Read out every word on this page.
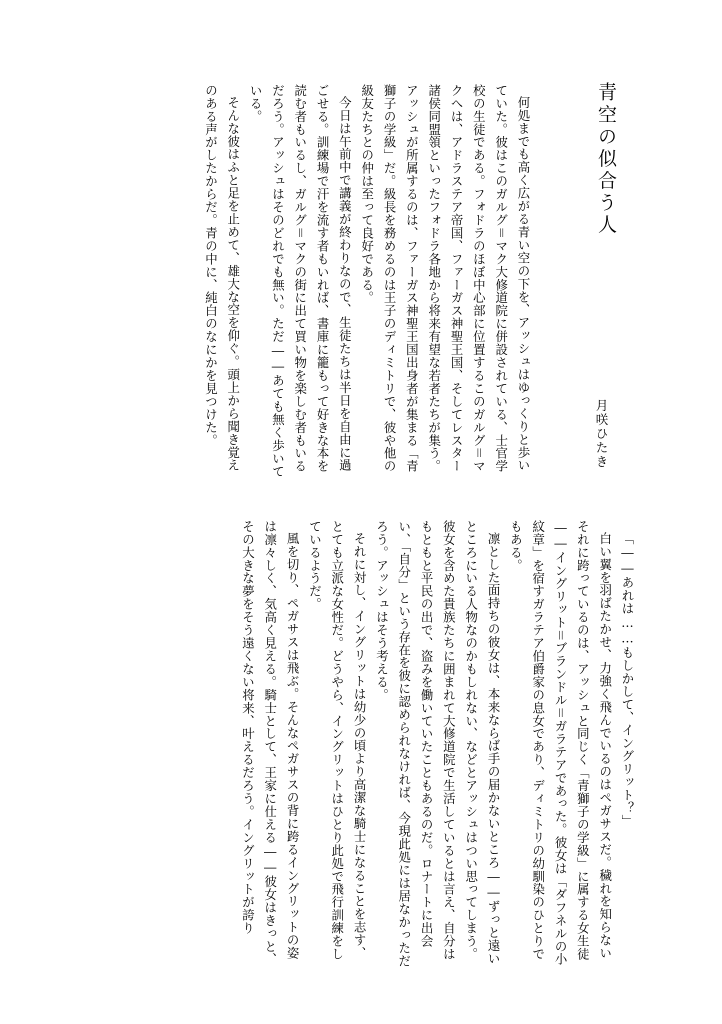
青空の似合う人
月咲ひたき

何処までも高く広がる青い空の下を、アッシュはゆっくりと歩いていた。彼はこのガルグ＝マク大修道院に併設されている、士官学校の生徒である。フォドラのほぼ中心部に位置するこのガルグ＝マクへは、アドラステア帝国、ファーガス神聖王国、そしてレスター諸侯同盟領といったフォドラ各地から将来有望な若者たちが集う。アッシュが所属するのは、ファーガス神聖王国出身者が集まる「青獅子の学級」だ。級長を務めるのは王子のディミトリで、彼や他の級友たちとの仲は至って良好である。

今日は午前中で講義が終わりなので、生徒たちは半日を自由に過ごせる。訓練場で汗を流す者もいれば、書庫に籠もって好きな本を読む者もいるし、ガルグ＝マクの街に出て買い物を楽しむ者もいるだろう。アッシュはそのどれでも無い。ただ――あても無く歩いている。

そんな彼はふと足を止めて、雄大な空を仰ぐ。頭上から聞き覚えのある声がしたからだ。青の中に、純白のなにかを見つけた。

「――あれは……もしかして、イングリット？」

白い翼を羽ばたかせ、力強く飛んでいるのはペガサスだ。穢れを知らないそれに跨っているのは、アッシュと同じく「青獅子の学級」に属する女生徒――イングリット＝ブランドル＝ガラテアであった。彼女は「ダフネルの小紋章」を宿すガラテア伯爵家の息女であり、ディミトリの幼馴染のひとりでもある。

凛とした面持ちの彼女は、本来ならば手の届かないところ――ずっと遠いところにいる人物なのかもしれない、などとアッシュはつい思ってしまう。彼女を含めた貴族たちに囲まれて大修道院で生活しているとは言え、自分はもともと平民の出で、盗みを働いていたこともあるのだ。ロナートに出会い、「自分」という存在を彼に認められなければ、今現此処には居なかっただろう。アッシュはそう考える。

それに対し、イングリットは幼少の頃より高潔な騎士になることを志す、とても立派な女性だ。どうやら、イングリットはひとり此処で飛行訓練をしているようだ。

風を切り、ペガサスは飛ぶ。そんなペガサスの背に跨るイングリットの姿は凛々しく、気高く見える。騎士として、王家に仕える――彼女はきっと、その大きな夢をそう遠くない将来、叶えるだろう。イングリットが誇り
